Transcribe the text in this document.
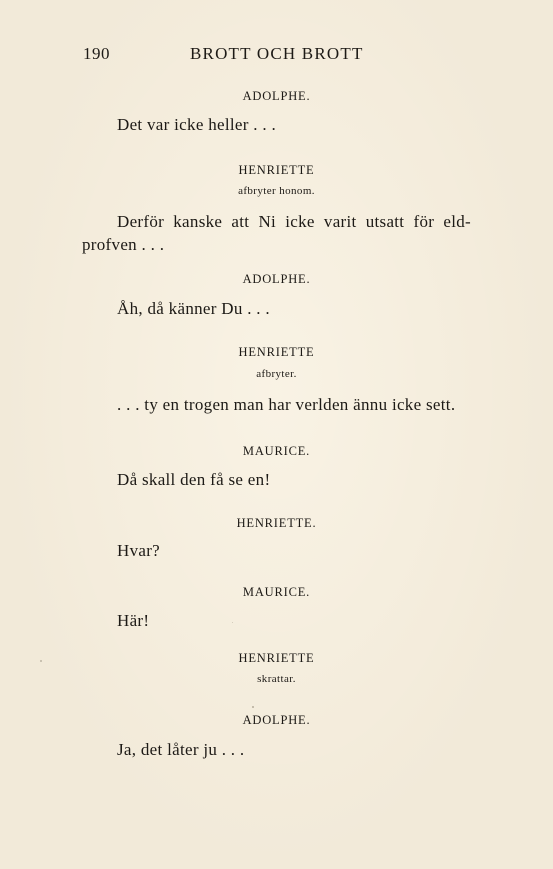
190	BROTT OCH BROTT
ADOLPHE.
Det var icke heller . . .
HENRIETTE
afbryter honom.
Derför kanske att Ni icke varit utsatt för eld-
profven . . .
ADOLPHE.
Åh, då känner Du . . .
HENRIETTE
afbryter.
. . . ty en trogen man har verlden ännu icke sett.
MAURICE.
Då skall den få se en!
HENRIETTE.
Hvar?
MAURICE.
Här!
HENRIETTE
skrattar.
ADOLPHE.
Ja, det låter ju . . .
